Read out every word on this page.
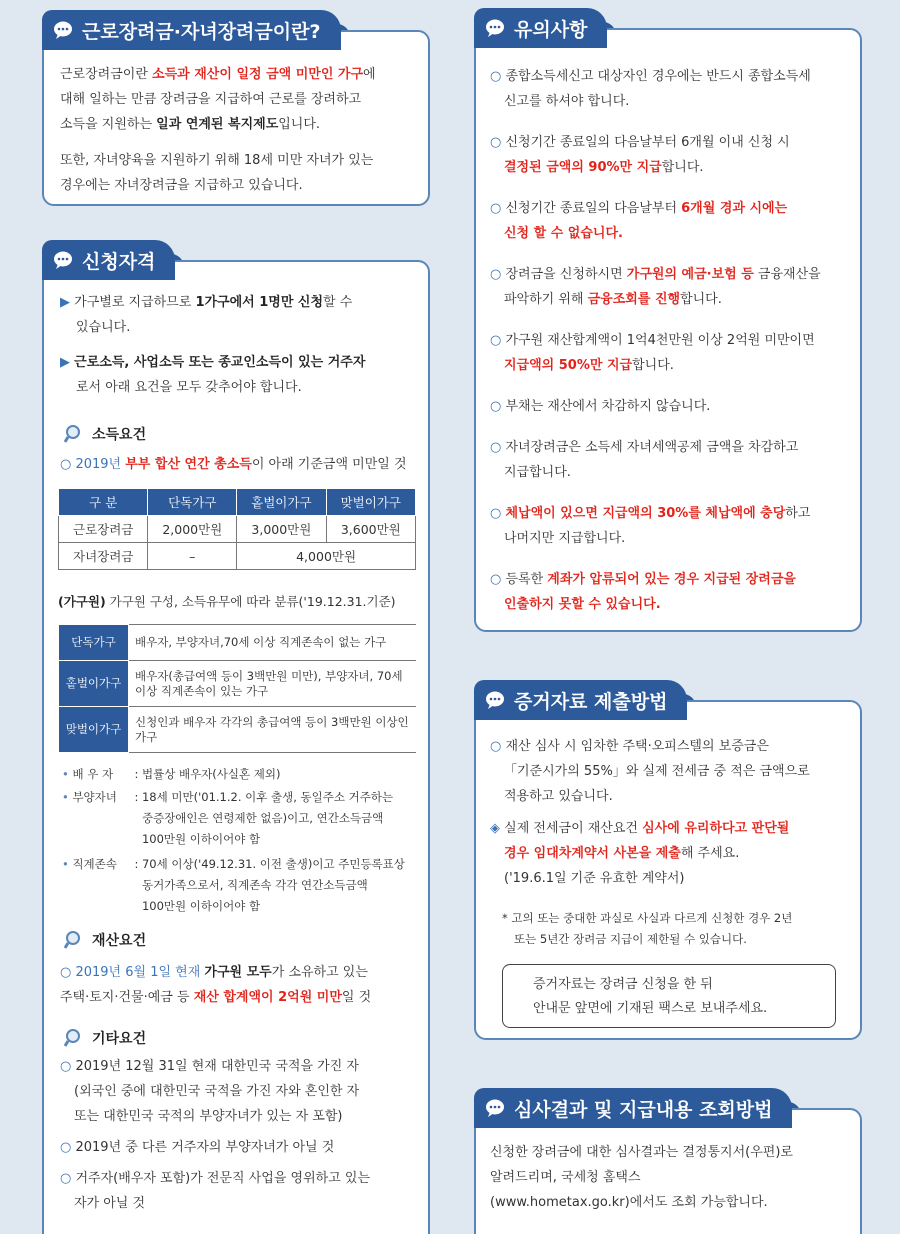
근로장려금·자녀장려금이란?
근로장려금이란 소득과 재산이 일정 금액 미만인 가구에
대해 일하는 만큼 장려금을 지급하여 근로를 장려하고
소득을 지원하는 일과 연계된 복지제도입니다.
또한, 자녀양육을 지원하기 위해 18세 미만 자녀가 있는
경우에는 자녀장려금을 지급하고 있습니다.
신청자격
▶ 가구별로 지급하므로 1가구에서 1명만 신청할 수
있습니다.
▶ 근로소득, 사업소득 또는 종교인소득이 있는 거주자
로서 아래 요건을 모두 갖추어야 합니다.
소득요건
○ 2019년 부부 합산 연간 총소득이 아래 기준금액 미만일 것
구 분	단독가구	홑벌이가구	맞벌이가구
근로장려금	2,000만원	3,000만원	3,600만원
자녀장려금	–	4,000만원	
(가구원) 가구원 구성, 소득유무에 따라 분류('19.12.31.기준)
단독가구	배우자, 부양자녀,70세 이상 직계존속이 없는 가구
홑벌이가구	배우자(총급여액 등이 3백만원 미만), 부양자녀, 70세 이상 직계존속이 있는 가구
맞벌이가구	신청인과 배우자 각각의 총급여액 등이 3백만원 이상인 가구
• 배 우 자	: 법률상 배우자(사실혼 제외)
• 부양자녀	: 18세 미만('01.1.2. 이후 출생, 동일주소 거주하는
중증장애인은 연령제한 없음)이고, 연간소득금액
100만원 이하이어야 함
• 직계존속	: 70세 이상('49.12.31. 이전 출생)이고 주민등록표상
동거가족으로서, 직계존속 각각 연간소득금액
100만원 이하이어야 함
재산요건
○ 2019년 6월 1일 현재 가구원 모두가 소유하고 있는
주택·토지·건물·예금 등 재산 합계액이 2억원 미만일 것
기타요건
○ 2019년 12월 31일 현재 대한민국 국적을 가진 자
(외국인 중에 대한민국 국적을 가진 자와 혼인한 자
또는 대한민국 국적의 부양자녀가 있는 자 포함)
○ 2019년 중 다른 거주자의 부양자녀가 아닐 것
○ 거주자(배우자 포함)가 전문직 사업을 영위하고 있는
자가 아닐 것
유의사항
○ 종합소득세신고 대상자인 경우에는 반드시 종합소득세
신고를 하셔야 합니다.
○ 신청기간 종료일의 다음날부터 6개월 이내 신청 시
결정된 금액의 90%만 지급합니다.
○ 신청기간 종료일의 다음날부터 6개월 경과 시에는
신청 할 수 없습니다.
○ 장려금을 신청하시면 가구원의 예금·보험 등 금융재산을
파악하기 위해 금융조회를 진행합니다.
○ 가구원 재산합계액이 1억4천만원 이상 2억원 미만이면
지급액의 50%만 지급합니다.
○ 부채는 재산에서 차감하지 않습니다.
○ 자녀장려금은 소득세 자녀세액공제 금액을 차감하고
지급합니다.
○ 체납액이 있으면 지급액의 30%를 체납액에 충당하고
나머지만 지급합니다.
○ 등록한 계좌가 압류되어 있는 경우 지급된 장려금을
인출하지 못할 수 있습니다.
증거자료 제출방법
○ 재산 심사 시 임차한 주택·오피스텔의 보증금은
「기준시가의 55%」와 실제 전세금 중 적은 금액으로
적용하고 있습니다.
◈ 실제 전세금이 재산요건 심사에 유리하다고 판단될
경우 임대차계약서 사본을 제출해 주세요.
('19.6.1일 기준 유효한 계약서)
* 고의 또는 중대한 과실로 사실과 다르게 신청한 경우 2년
또는 5년간 장려금 지급이 제한될 수 있습니다.
증거자료는 장려금 신청을 한 뒤
안내문 앞면에 기재된 팩스로 보내주세요.
심사결과 및 지급내용 조회방법
신청한 장려금에 대한 심사결과는 결정통지서(우편)로
알려드리며, 국세청 홈택스
(www.hometax.go.kr)에서도 조회 가능합니다.
